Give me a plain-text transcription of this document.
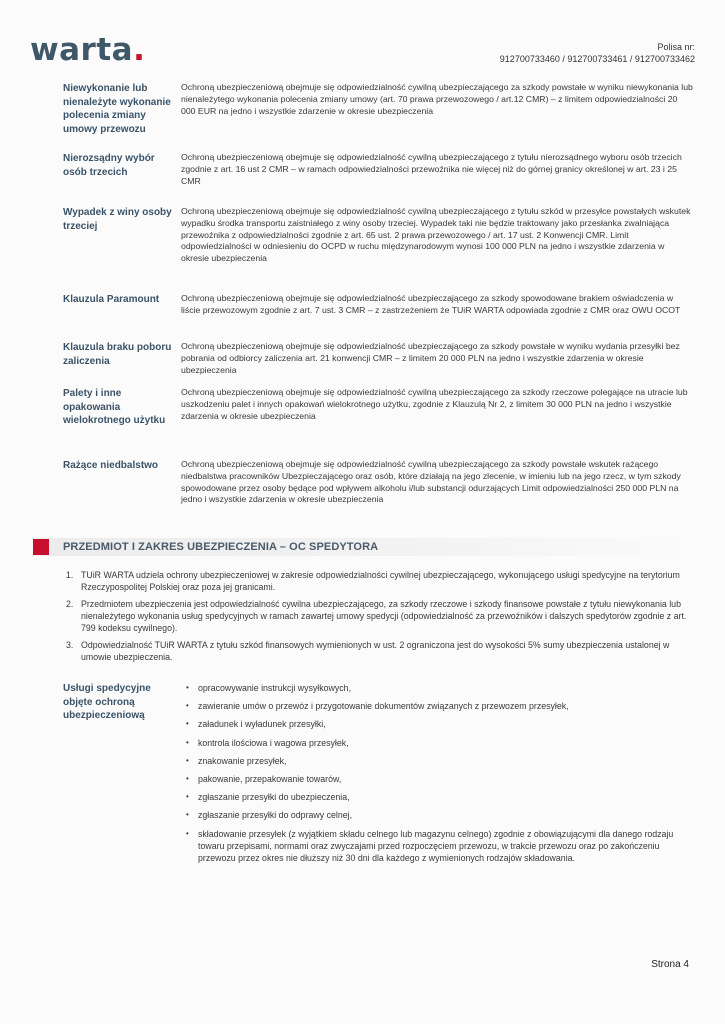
warta.	Polisa nr:
912700733460 / 912700733461 / 912700733462
Niewykonanie lub nienależyte wykonanie polecenia zmiany umowy przewozu
Ochroną ubezpieczeniową obejmuje się odpowiedzialność cywilną ubezpieczającego za szkody powstałe w wyniku niewykonania lub nienależytego wykonania polecenia zmiany umowy (art. 70 prawa przewozowego / art.12 CMR) – z limitem odpowiedzialności 20 000 EUR na jedno i wszystkie zdarzenie w okresie ubezpieczenia
Nierozsądny wybór osób trzecich
Ochroną ubezpieczeniową obejmuje się odpowiedzialność cywilną ubezpieczającego z tytułu nierozsądnego wyboru osób trzecich zgodnie z art. 16 ust 2 CMR – w ramach odpowiedzialności przewoźnika nie więcej niż do górnej granicy określonej w art. 23 i 25 CMR
Wypadek z winy osoby trzeciej
Ochroną ubezpieczeniową obejmuje się odpowiedzialność cywilną ubezpieczającego z tytułu szkód w przesyłce powstałych wskutek wypadku środka transportu zaistniałego z winy osoby trzeciej. Wypadek taki nie będzie traktowany jako przesłanka zwalniająca przewoźnika z odpowiedzialności zgodnie z art. 65 ust. 2 prawa przewozowego / art. 17 ust. 2 Konwencji CMR. Limit odpowiedzialności w odniesieniu do OCPD w ruchu międzynarodowym wynosi 100 000 PLN na jedno i wszystkie zdarzenia w okresie ubezpieczenia
Klauzula Paramount	Ochroną ubezpieczeniową obejmuje się odpowiedzialność ubezpieczającego za szkody spowodowane brakiem oświadczenia w liście przewozowym zgodnie z art. 7 ust. 3 CMR – z zastrzeżeniem że TUiR WARTA odpowiada zgodnie z CMR oraz OWU OCOT
Klauzula braku poboru zaliczenia
Ochroną ubezpieczeniową obejmuje się odpowiedzialność ubezpieczającego za szkody powstałe w wyniku wydania przesyłki bez pobrania od odbiorcy zaliczenia art. 21 konwencji CMR – z limitem 20 000 PLN na jedno i wszystkie zdarzenia w okresie ubezpieczenia
Palety i inne opakowania wielokrotnego użytku
Ochroną ubezpieczeniową obejmuje się odpowiedzialność cywilną ubezpieczającego za szkody rzeczowe polegające na utracie lub uszkodzeniu palet i innych opakowań wielokrotnego użytku, zgodnie z Klauzulą Nr 2, z limitem 30 000 PLN na jedno i wszystkie zdarzenia w okresie ubezpieczenia
Rażące niedbalstwo	Ochroną ubezpieczeniową obejmuje się odpowiedzialność cywilną ubezpieczającego za szkody powstałe wskutek rażącego niedbalstwa pracowników Ubezpieczającego oraz osób, które działają na jego zlecenie, w imieniu lub na jego rzecz, w tym szkody spowodowane przez osoby będące pod wpływem alkoholu i/lub substancji odurzających Limit odpowiedzialności 250 000 PLN na jedno i wszystkie zdarzenia w okresie ubezpieczenia
PRZEDMIOT I ZAKRES UBEZPIECZENIA – OC SPEDYTORA
1. TUiR WARTA udziela ochrony ubezpieczeniowej w zakresie odpowiedzialności cywilnej ubezpieczającego, wykonującego usługi spedycyjne na terytorium Rzeczypospolitej Polskiej oraz poza jej granicami.
2. Przedmiotem ubezpieczenia jest odpowiedzialność cywilna ubezpieczającego, za szkody rzeczowe i szkody finansowe powstałe z tytułu niewykonania lub nienależytego wykonania usług spedycyjnych w ramach zawartej umowy spedycji (odpowiedzialność za przewoźników i dalszych spedytorów zgodnie z art. 799 kodeksu cywilnego).
3. Odpowiedzialność TUiR WARTA z tytułu szkód finansowych wymienionych w ust. 2 ograniczona jest do wysokości 5% sumy ubezpieczenia ustalonej w umowie ubezpieczenia.
Usługi spedycyjne objęte ochroną ubezpieczeniową
•	opracowywanie instrukcji wysyłkowych,
•	zawieranie umów o przewóz i przygotowanie dokumentów związanych z przewozem przesyłek,
•	załadunek i wyładunek przesyłki,
•	kontrola ilościowa i wagowa przesyłek,
•	znakowanie przesyłek,
•	pakowanie, przepakowanie towarów,
•	zgłaszanie przesyłki do ubezpieczenia,
•	zgłaszanie przesyłki do odprawy celnej,
•	składowanie przesyłek (z wyjątkiem składu celnego lub magazynu celnego) zgodnie z obowiązującymi dla danego rodzaju towaru przepisami, normami oraz zwyczajami przed rozpoczęciem przewozu, w trakcie przewozu oraz po zakończeniu przewozu przez okres nie dłuższy niż 30 dni dla każdego z wymienionych rodzajów składowania.
Strona 4
